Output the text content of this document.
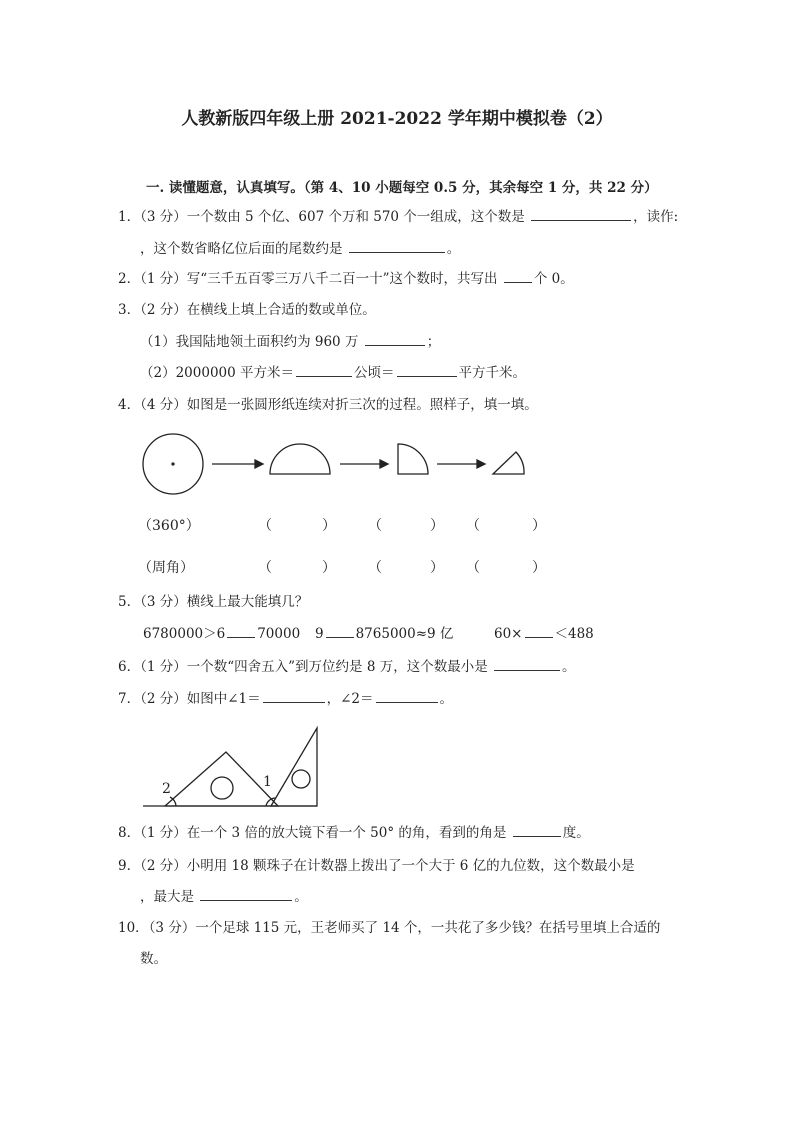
人教新版四年级上册 2021-2022 学年期中模拟卷（2）
一. 读懂题意，认真填写。（第 4、10 小题每空 0.5 分，其余每空 1 分，共 22 分）
1．（3 分）一个数由 5 个亿、607 个万和 570 个一组成，这个数是	，读作:
，这个数省略亿位后面的尾数约是	。
2．（1 分）写“三千五百零三万八千二百一十”这个数时，共写出	个 0。
3．（2 分）在横线上填上合适的数或单位。
（1）我国陆地领土面积约为 960 万	；
（2）2000000 平方米＝	公顷＝	平方千米。
4．（4 分）如图是一张圆形纸连续对折三次的过程。照样子，填一填。
（360°）	（	） （	） （	）
（周角）	（	） （	） （	）
5．（3 分）横线上最大能填几？
6780000＞6 70000 9 8765000≈9 亿	60× ＜488
6．（1 分）一个数“四舍五入”到万位约是 8 万，这个数最小是	。
7．（2 分）如图中∠1＝	，∠2＝	。
2	1
8．（1 分）在一个 3 倍的放大镜下看一个 50° 的角，看到的角是	度。
9．（2 分）小明用 18 颗珠子在计数器上拨出了一个大于 6 亿的九位数，这个数最小是
，最大是	。
10．（3 分）一个足球 115 元，王老师买了 14 个，一共花了多少钱？在括号里填上合适的
数。
